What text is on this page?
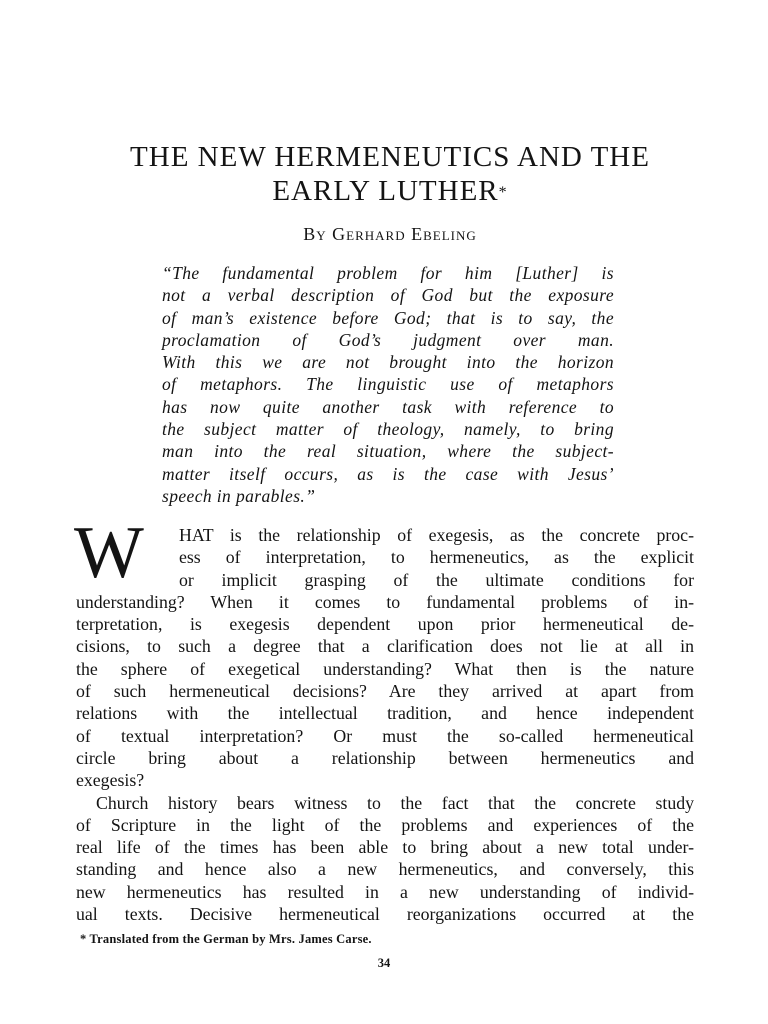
THE NEW HERMENEUTICS AND THE
EARLY LUTHER*
By Gerhard Ebeling
“The fundamental problem for him [Luther] is
not a verbal description of God but the exposure
of man’s existence before God; that is to say, the
proclamation of God’s judgment over man.
With this we are not brought into the horizon
of metaphors. The linguistic use of metaphors
has now quite another task with reference to
the subject matter of theology, namely, to bring
man into the real situation, where the subject-
matter itself occurs, as is the case with Jesus’
speech in parables.”
W	HAT is the relationship of exegesis, as the concrete proc-
ess of interpretation, to hermeneutics, as the explicit
or implicit grasping of the ultimate conditions for
understanding? When it comes to fundamental problems of in-
terpretation, is exegesis dependent upon prior hermeneutical de-
cisions, to such a degree that a clarification does not lie at all in
the sphere of exegetical understanding? What then is the nature
of such hermeneutical decisions? Are they arrived at apart from
relations with the intellectual tradition, and hence independent
of textual interpretation? Or must the so-called hermeneutical
circle bring about a relationship between hermeneutics and
exegesis?
Church history bears witness to the fact that the concrete study
of Scripture in the light of the problems and experiences of the
real life of the times has been able to bring about a new total under-
standing and hence also a new hermeneutics, and conversely, this
new hermeneutics has resulted in a new understanding of individ-
ual texts. Decisive hermeneutical reorganizations occurred at the
* Translated from the German by Mrs. James Carse.
34
